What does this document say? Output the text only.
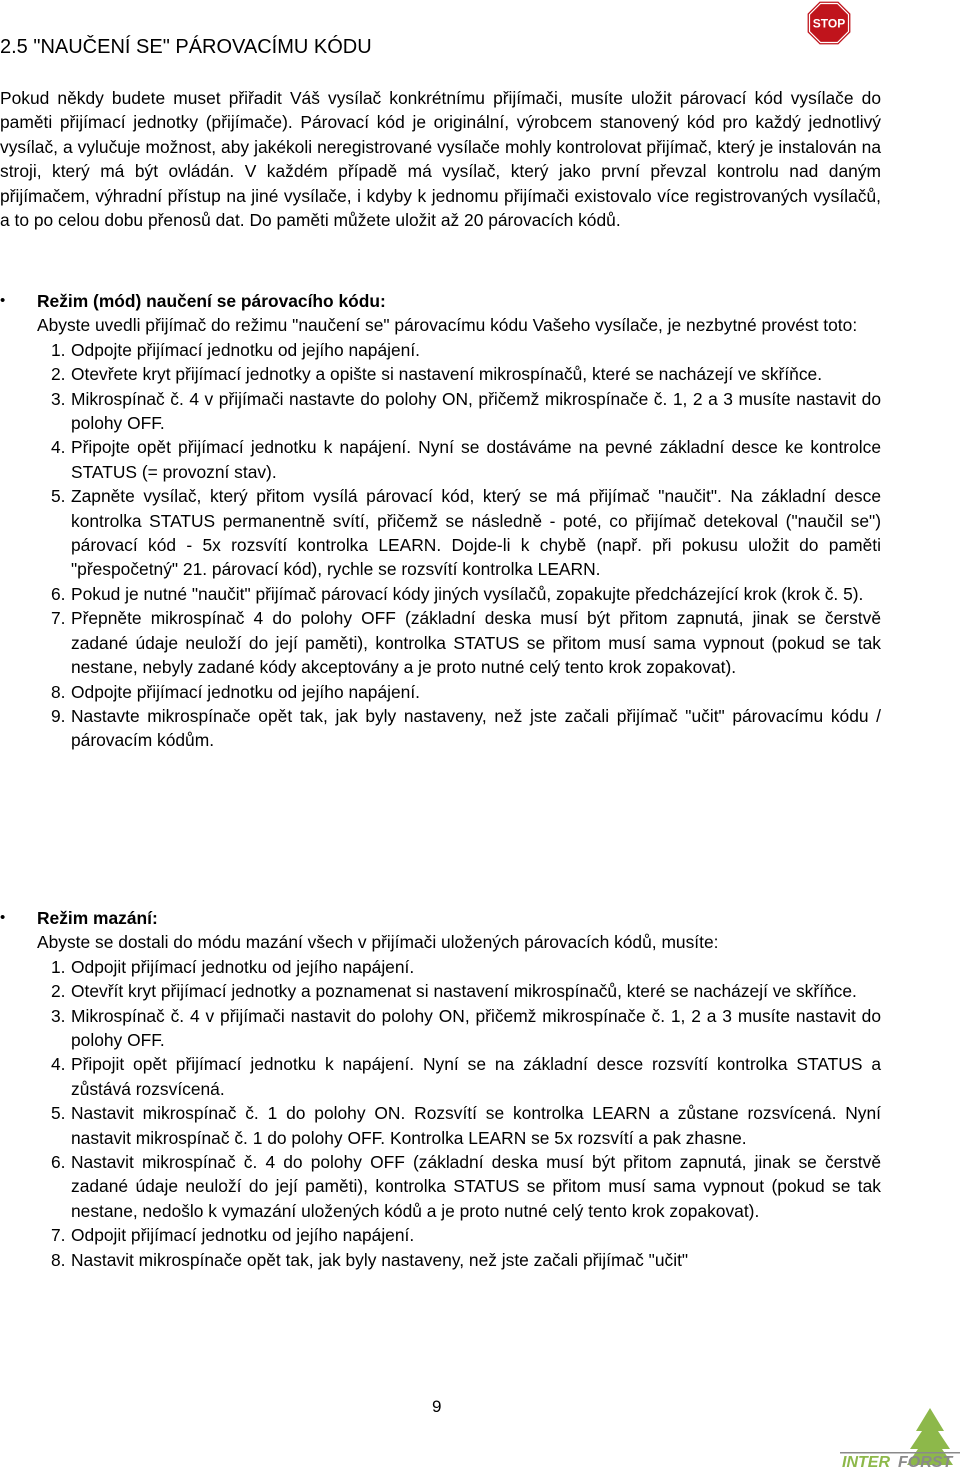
2.5 "NAUČENÍ SE" PÁROVACÍMU KÓDU
STOP

Pokud někdy budete muset přiřadit Váš vysílač konkrétnímu přijímači, musíte uložit párovací kód vysílače do paměti přijímací jednotky (přijímače). Párovací kód je originální, výrobcem stanovený kód pro každý jednotlivý vysílač, a vylučuje možnost, aby jakékoli neregistrované vysílače mohly kontrolovat přijímač, který je instalován na stroji, který má být ovládán. V každém případě má vysílač, který jako první převzal kontrolu nad daným přijímačem, výhradní přístup na jiné vysílače, i kdyby k jednomu přijímači existovalo více registrovaných vysílačů, a to po celou dobu přenosů dat. Do paměti můžete uložit až 20 párovacích kódů.

• Režim (mód) naučení se párovacího kódu:

Abyste uvedli přijímač do režimu "naučení se" párovacímu kódu Vašeho vysílače, je nezbytné provést toto:

1. Odpojte přijímací jednotku od jejího napájení.
2. Otevřete kryt přijímací jednotky a opište si nastavení mikrospínačů, které se nacházejí ve skříňce.
3. Mikrospínač č. 4 v přijímači nastavte do polohy ON, přičemž mikrospínače č. 1, 2 a 3 musíte nastavit do polohy OFF.
4. Připojte opět přijímací jednotku k napájení. Nyní se dostáváme na pevné základní desce ke kontrolce STATUS (= provozní stav).
5. Zapněte vysílač, který přitom vysílá párovací kód, který se má přijímač "naučit". Na základní desce kontrolka STATUS permanentně svítí, přičemž se následně - poté, co přijímač detekoval ("naučil se") párovací kód - 5x rozsvítí kontrolka LEARN. Dojde-li k chybě (např. při pokusu uložit do paměti "přespočetný" 21. párovací kód), rychle se rozsvítí kontrolka LEARN.
6. Pokud je nutné "naučit" přijímač párovací kódy jiných vysílačů, zopakujte předcházející krok (krok č. 5).
7. Přepněte mikrospínač 4 do polohy OFF (základní deska musí být přitom zapnutá, jinak se čerstvě zadané údaje neuloží do její paměti), kontrolka STATUS se přitom musí sama vypnout (pokud se tak nestane, nebyly zadané kódy akceptovány a je proto nutné celý tento krok zopakovat).
8. Odpojte přijímací jednotku od jejího napájení.
9. Nastavte mikrospínače opět tak, jak byly nastaveny, než jste začali přijímač "učit" párovacímu kódu / párovacím kódům.
• Režim mazání:

Abyste se dostali do módu mazání všech v přijímači uložených párovacích kódů, musíte:

1. Odpojit přijímací jednotku od jejího napájení.
2. Otevřít kryt přijímací jednotky a poznamenat si nastavení mikrospínačů, které se nacházejí ve skříňce.
3. Mikrospínač č. 4 v přijímači nastavit do polohy ON, přičemž mikrospínače č. 1, 2 a 3 musíte nastavit do polohy OFF.
4. Připojit opět přijímací jednotku k napájení. Nyní se na základní desce rozsvítí kontrolka STATUS a zůstává rozsvícená.
5. Nastavit mikrospínač č. 1 do polohy ON. Rozsvítí se kontrolka LEARN a zůstane rozsvícená. Nyní nastavit mikrospínač č. 1 do polohy OFF. Kontrolka LEARN se 5x rozsvítí a pak zhasne.
6. Nastavit mikrospínač č. 4 do polohy OFF (základní deska musí být přitom zapnutá, jinak se čerstvě zadané údaje neuloží do její paměti), kontrolka STATUS se přitom musí sama vypnout (pokud se tak nestane, nedošlo k vymazání uložených kódů a je proto nutné celý tento krok zopakovat).
7. Odpojit přijímací jednotku od jejího napájení.
8. Nastavit mikrospínače opět tak, jak byly nastaveny, než jste začali přijímač "učit"
9
INTER FORST
